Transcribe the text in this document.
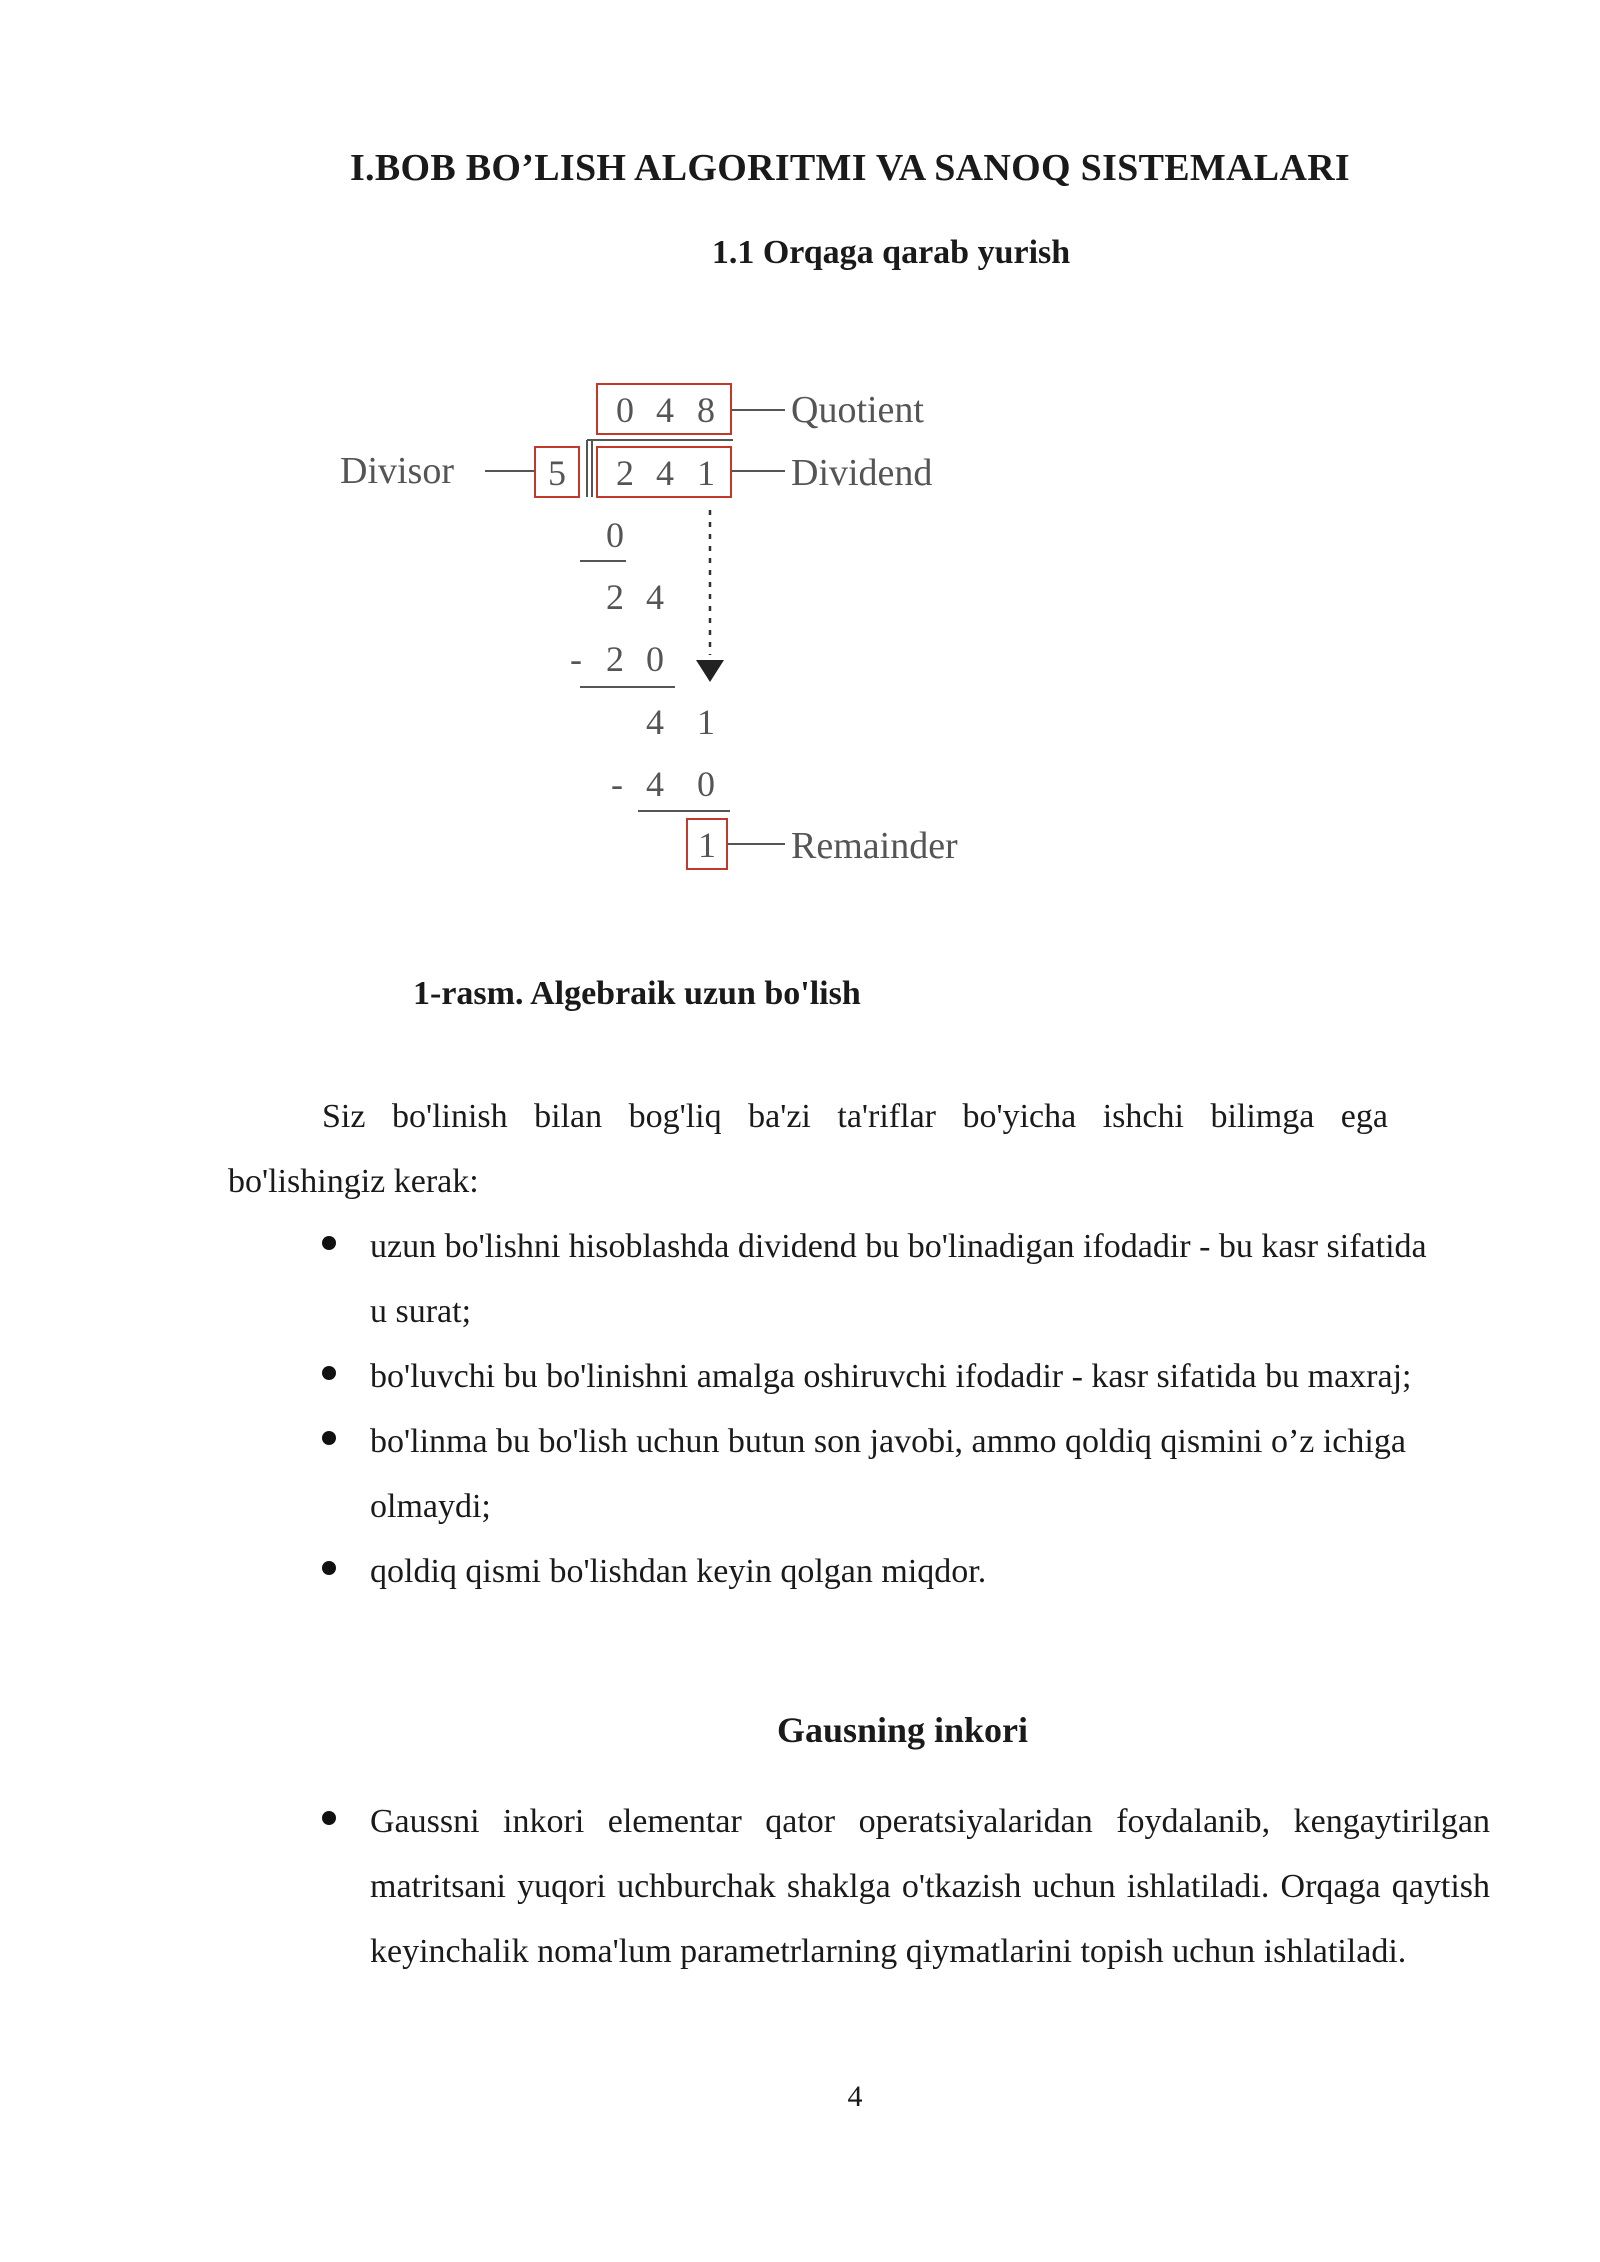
I.BOB BO’LISH ALGORITMI VA SANOQ SISTEMALARI
1.1 Orqaga qarab yurish
0 4 8 Quotient
Divisor	5 2 4 1 Dividend
0
2 4
- 2 0
4 1
- 4 0
1 Remainder
1-rasm. Algebraik uzun bo'lish
Siz bo'linish bilan bog'liq ba'zi ta'riflar bo'yicha ishchi bilimga ega bo'lishingiz kerak:
uzun bo'lishni hisoblashda dividend bu bo'linadigan ifodadir - bu kasr sifatida u surat;
bo'luvchi bu bo'linishni amalga oshiruvchi ifodadir - kasr sifatida bu maxraj;
bo'linma bu bo'lish uchun butun son javobi, ammo qoldiq qismini o’z ichiga olmaydi;
qoldiq qismi bo'lishdan keyin qolgan miqdor.
Gausning inkori
Gaussni inkori elementar qator operatsiyalaridan foydalanib, kengaytirilgan matritsani yuqori uchburchak shaklga o'tkazish uchun ishlatiladi. Orqaga qaytish keyinchalik noma'lum parametrlarning qiymatlarini topish uchun ishlatiladi.
4
